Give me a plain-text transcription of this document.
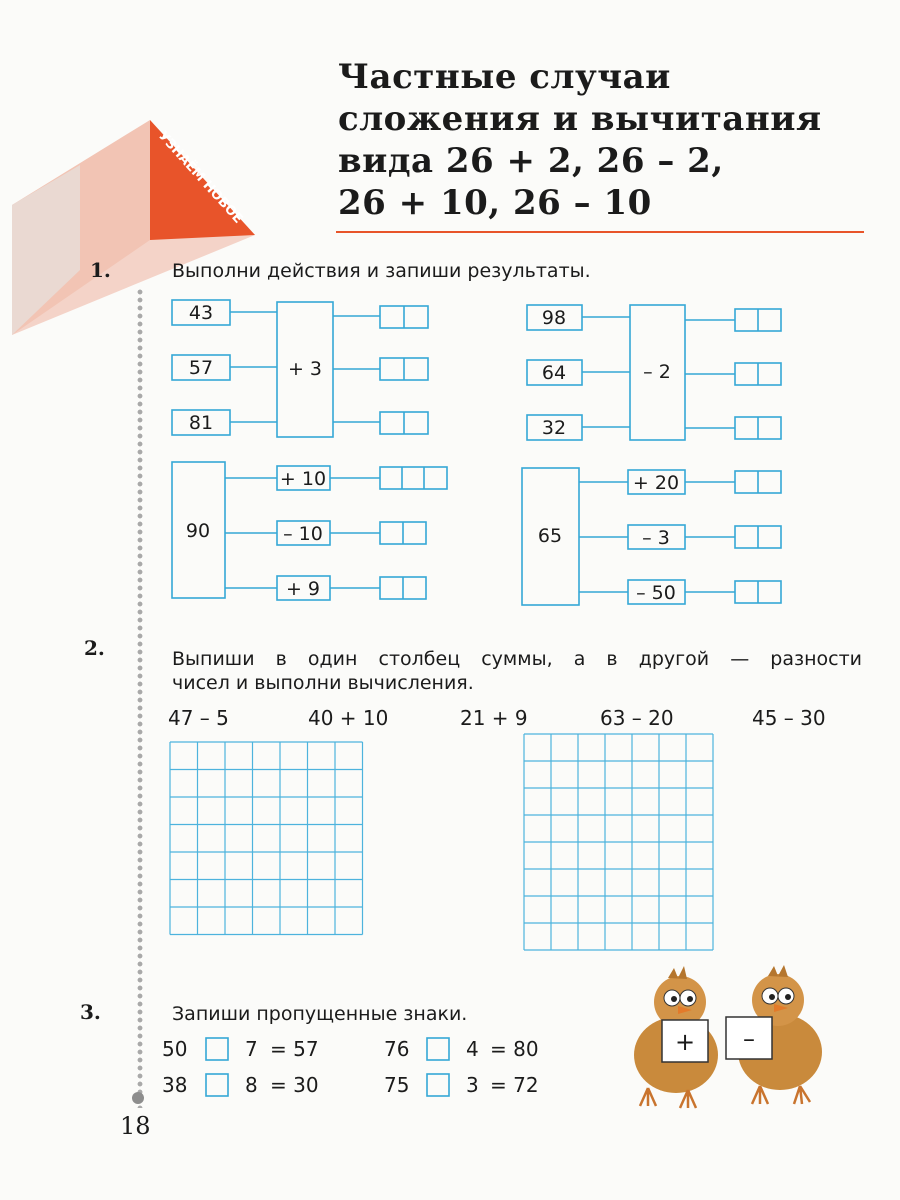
УЗНАЁМ НОВОЕ
Частные случаи
сложения и вычитания
вида 26 + 2, 26 – 2,
26 + 10, 26 – 10
1.	Выполни действия и запиши результаты.
43
57
81
+ 3
98
64
32
– 2
90
+ 10
– 10
+ 9
65
+ 20
– 3
– 50
2.	Выпиши в один столбец суммы, а в другой — разности
чисел и выполни вычисления.
47 – 5	40 + 10	21 + 9	63 – 20	45 – 30
3.	Запиши пропущенные знаки.
50	7 = 57
38	8 = 30
76	4 = 80
75	3 = 72
+ –
18
